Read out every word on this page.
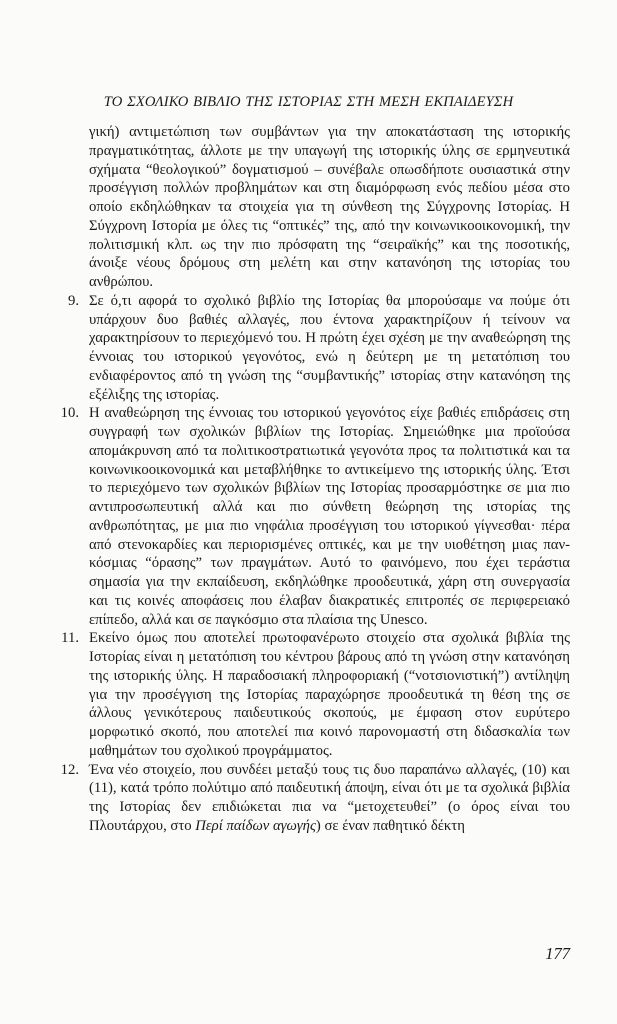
ΤΟ ΣΧΟΛΙΚΟ ΒΙΒΛΙΟ ΤΗΣ ΙΣΤΟΡΙΑΣ ΣΤΗ ΜΕΣΗ ΕΚΠΑΙΔΕΥΣΗ

γική) αντιμετώπιση των συμβάντων για την αποκατάσταση της ιστορικής πραγματικότητας, άλλοτε με την υπαγωγή της ιστορικής ύλης σε ερμηνευτικά σχήματα “θεολογικού” δογματισμού – συνέβαλε οπωσδήποτε ουσιαστικά στην προσέγγιση πολλών προβλημάτων και στη διαμόρφωση ενός πεδίου μέσα στο οποίο εκδηλώθηκαν τα στοιχεία για τη σύνθεση της Σύγχρονης Ιστορίας. Η Σύγχρονη Ιστορία με όλες τις “οπτικές” της, από την κοινωνικοοικονομική, την πολιτισμική κλπ. ως την πιο πρόσφατη της “σειραϊκής” και της ποσοτικής, άνοιξε νέους δρόμους στη μελέτη και στην κατανόηση της ιστορίας του ανθρώπου.

9. Σε ό,τι αφορά το σχολικό βιβλίο της Ιστορίας θα μπορούσαμε να πούμε ότι υπάρχουν δυο βαθιές αλλαγές, που έντονα χαρακτηρίζουν ή τείνουν να χαρακτηρίσουν το περιεχόμενό του. Η πρώτη έχει σχέση με την αναθεώρηση της έννοιας του ιστορικού γεγονότος, ενώ η δεύτερη με τη μετατόπιση του ενδιαφέροντος από τη γνώση της “συμβαντικής” ιστορίας στην κατανόηση της εξέλιξης της ιστορίας.
10. Η αναθεώρηση της έννοιας του ιστορικού γεγονότος είχε βαθιές επιδράσεις στη συγγραφή των σχολικών βιβλίων της Ιστορίας. Σημειώθηκε μια προϊούσα απομάκρυνση από τα πολιτικοστρατιωτικά γεγονότα προς τα πολιτιστικά και τα κοινωνικοοικονομικά και μεταβλήθηκε το αντικείμενο της ιστορικής ύλης. Έτσι το περιεχόμενο των σχολικών βιβλίων της Ιστορίας προσαρμόστηκε σε μια πιο αντιπροσωπευτική αλλά και πιο σύνθετη θεώρηση της ιστορίας της ανθρωπότητας, με μια πιο νηφάλια προσέγγιση του ιστορικού γίγνεσθαι· πέρα από στενοκαρδίες και περιορισμένες οπτικές, και με την υιοθέτηση μιας παν-κόσμιας “όρασης” των πραγμάτων. Αυτό το φαινόμενο, που έχει τεράστια σημασία για την εκπαίδευση, εκδηλώθηκε προοδευτικά, χάρη στη συνεργασία και τις κοινές αποφάσεις που έλαβαν διακρατικές επιτροπές σε περιφερειακό επίπεδο, αλλά και σε παγκόσμιο στα πλαίσια της Unesco.
11. Εκείνο όμως που αποτελεί πρωτοφανέρωτο στοιχείο στα σχολικά βιβλία της Ιστορίας είναι η μετατόπιση του κέντρου βάρους από τη γνώση στην κατανόηση της ιστορικής ύλης. Η παραδοσιακή πληροφοριακή (“νοτσιονιστική”) αντίληψη για την προσέγγιση της Ιστορίας παραχώρησε προοδευτικά τη θέση της σε άλλους γενικότερους παιδευτικούς σκοπούς, με έμφαση στον ευρύτερο μορφωτικό σκοπό, που αποτελεί πια κοινό παρονομαστή στη διδασκαλία των μαθημάτων του σχολικού προγράμματος.
12. Ένα νέο στοιχείο, που συνδέει μεταξύ τους τις δυο παραπάνω αλλαγές, (10) και (11), κατά τρόπο πολύτιμο από παιδευτική άποψη, είναι ότι με τα σχολικά βιβλία της Ιστορίας δεν επιδιώκεται πια να “μετοχετευθεί” (ο όρος είναι του Πλουτάρχου, στο Περί παίδων αγωγής) σε έναν παθητικό δέκτη
177
